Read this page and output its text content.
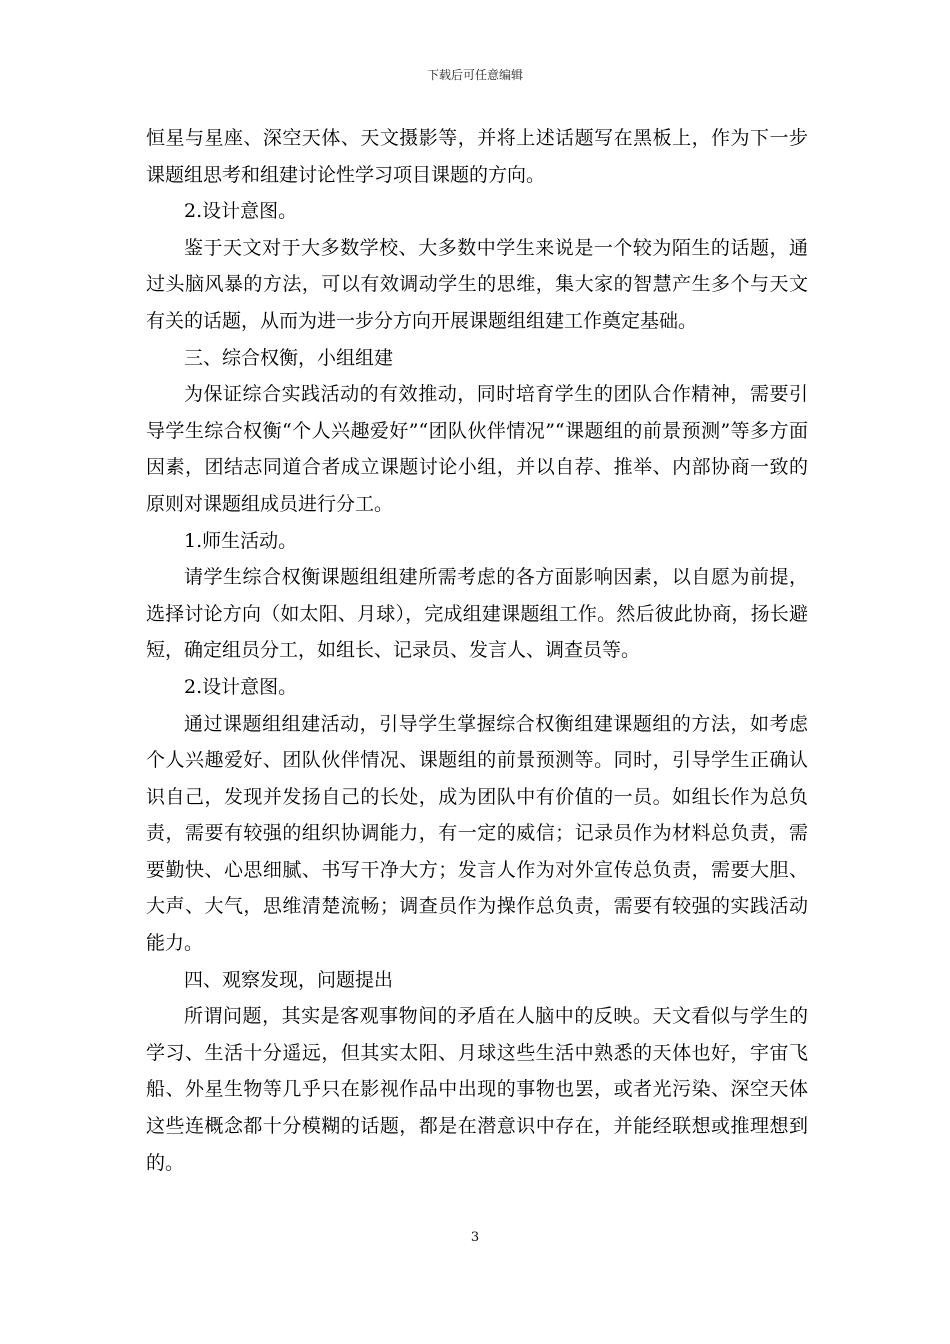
下载后可任意编辑

恒星与星座、深空天体、天文摄影等，并将上述话题写在黑板上，作为下一步课题组思考和组建讨论性学习项目课题的方向。

2.设计意图。

鉴于天文对于大多数学校、大多数中学生来说是一个较为陌生的话题，通过头脑风暴的方法，可以有效调动学生的思维，集大家的智慧产生多个与天文有关的话题，从而为进一步分方向开展课题组组建工作奠定基础。

三、综合权衡，小组组建

为保证综合实践活动的有效推动，同时培育学生的团队合作精神，需要引导学生综合权衡“个人兴趣爱好”“团队伙伴情况”“课题组的前景预测”等多方面因素，团结志同道合者成立课题讨论小组，并以自荐、推举、内部协商一致的原则对课题组成员进行分工。

1.师生活动。

请学生综合权衡课题组组建所需考虑的各方面影响因素，以自愿为前提，选择讨论方向（如太阳、月球），完成组建课题组工作。然后彼此协商，扬长避短，确定组员分工，如组长、记录员、发言人、调查员等。

2.设计意图。

通过课题组组建活动，引导学生掌握综合权衡组建课题组的方法，如考虑个人兴趣爱好、团队伙伴情况、课题组的前景预测等。同时，引导学生正确认识自己，发现并发扬自己的长处，成为团队中有价值的一员。如组长作为总负责，需要有较强的组织协调能力，有一定的威信；记录员作为材料总负责，需要勤快、心思细腻、书写干净大方；发言人作为对外宣传总负责，需要大胆、大声、大气，思维清楚流畅；调查员作为操作总负责，需要有较强的实践活动能力。

四、观察发现，问题提出

所谓问题，其实是客观事物间的矛盾在人脑中的反映。天文看似与学生的学习、生活十分遥远，但其实太阳、月球这些生活中熟悉的天体也好，宇宙飞船、外星生物等几乎只在影视作品中出现的事物也罢，或者光污染、深空天体这些连概念都十分模糊的话题，都是在潜意识中存在，并能经联想或推理想到的。

3
